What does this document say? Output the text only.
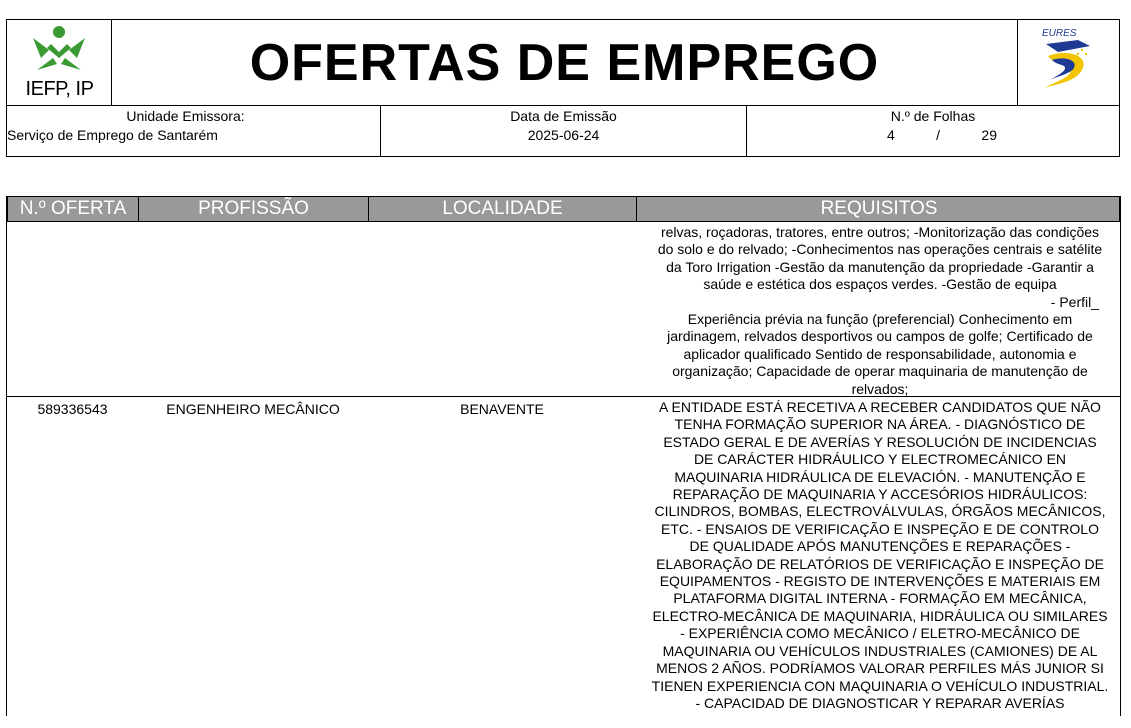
IEFP, IP	OFERTAS DE EMPREGO	EURES
Unidade Emissora:
Serviço de Emprego de Santarém
Data de Emissão
2025-06-24
N.º de Folhas
4	/	29
N.º OFERTA	PROFISSÃO	LOCALIDADE	REQUISITOS
relvas, roçadoras, tratores, entre outros; -Monitorização das condições
do solo e do relvado; -Conhecimentos nas operações centrais e satélite
da Toro Irrigation -Gestão da manutenção da propriedade -Garantir a
saúde e estética dos espaços verdes. -Gestão de equipa
- Perfil_
Experiência prévia na função (preferencial) Conhecimento em
jardinagem, relvados desportivos ou campos de golfe; Certificado de
aplicador qualificado Sentido de responsabilidade, autonomia e
organização; Capacidade de operar maquinaria de manutenção de
relvados;
589336543	ENGENHEIRO MECÂNICO	BENAVENTE	A ENTIDADE ESTÁ RECETIVA A RECEBER CANDIDATOS QUE NÃO
TENHA FORMAÇÃO SUPERIOR NA ÁREA. - DIAGNÓSTICO DE
ESTADO GERAL E DE AVERÍAS Y RESOLUCIÓN DE INCIDENCIAS
DE CARÁCTER HIDRÁULICO Y ELECTROMECÁNICO EN
MAQUINARIA HIDRÁULICA DE ELEVACIÓN. - MANUTENÇÃO E
REPARAÇÃO DE MAQUINARIA Y ACCESÓRIOS HIDRÁULICOS:
CILINDROS, BOMBAS, ELECTROVÁLVULAS, ÓRGÃOS MECÂNICOS,
ETC. - ENSAIOS DE VERIFICAÇÃO E INSPEÇÃO E DE CONTROLO
DE QUALIDADE APÓS MANUTENÇÕES E REPARAÇÕES -
ELABORAÇÃO DE RELATÓRIOS DE VERIFICAÇÃO E INSPEÇÃO DE
EQUIPAMENTOS - REGISTO DE INTERVENÇÕES E MATERIAIS EM
PLATAFORMA DIGITAL INTERNA - FORMAÇÃO EM MECÂNICA,
ELECTRO-MECÂNICA DE MAQUINARIA, HIDRÁULICA OU SIMILARES
- EXPERIÊNCIA COMO MECÂNICO / ELETRO-MECÂNICO DE
MAQUINARIA OU VEHÍCULOS INDUSTRIALES (CAMIONES) DE AL
MENOS 2 AÑOS. PODRÍAMOS VALORAR PERFILES MÁS JUNIOR SI
TIENEN EXPERIENCIA CON MAQUINARIA O VEHÍCULO INDUSTRIAL.
- CAPACIDAD DE DIAGNOSTICAR Y REPARAR AVERÍAS
